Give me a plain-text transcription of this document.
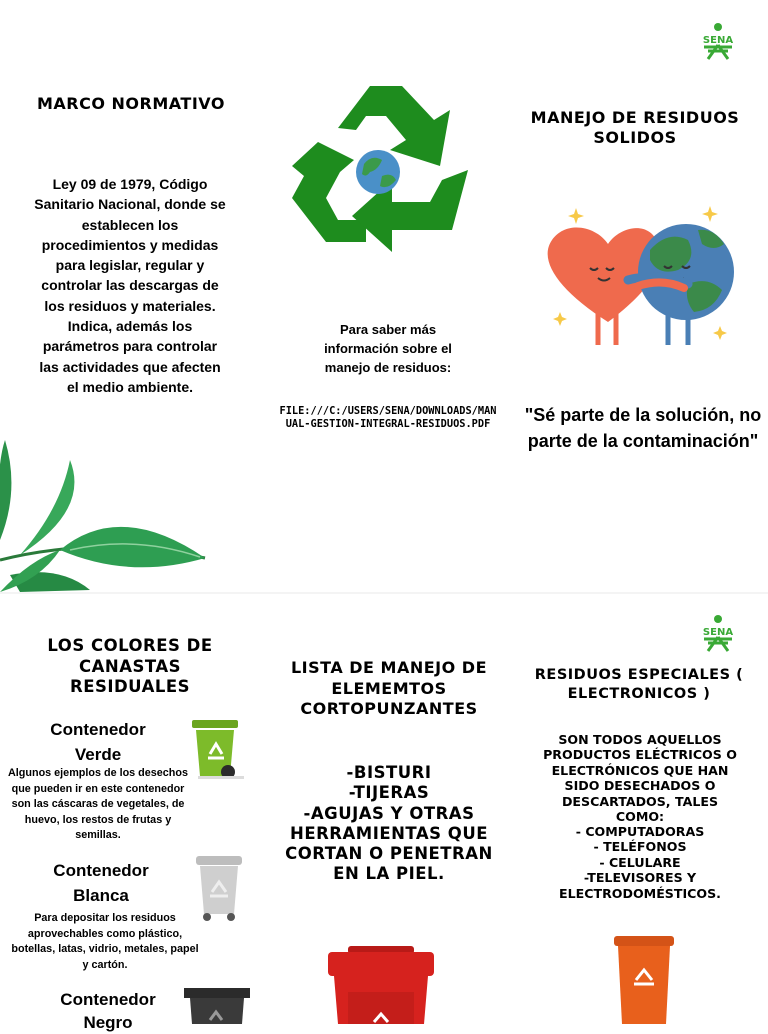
SENA
SENA
MARCO NORMATIVO
Ley 09 de 1979, Código Sanitario Nacional, donde se establecen los procedimientos y medidas para legislar, regular y controlar las descargas de los residuos y materiales. Indica, además los parámetros para controlar las actividades que afecten el medio ambiente.
Para saber más información sobre el manejo de residuos:
FILE:///C:/USERS/SENA/DOWNLOADS/MANUAL-GESTION-INTEGRAL-RESIDUOS.PDF
MANEJO DE RESIDUOS SOLIDOS
"Sé parte de la solución, no parte de la contaminación"
LOS COLORES DE CANASTAS RESIDUALES
Contenedor Verde
Algunos ejemplos de los desechos que pueden ir en este contenedor son las cáscaras de vegetales, de huevo, los restos de frutas y semillas.
Contenedor Blanca
Para depositar los residuos aprovechables como plástico, botellas, latas, vidrio, metales, papel y cartón.
Contenedor Negro
LISTA DE MANEJO DE ELEMEMTOS CORTOPUNZANTES
-BISTURI
-TIJERAS
-AGUJAS Y OTRAS HERRAMIENTAS QUE CORTAN O PENETRAN EN LA PIEL.
RESIDUOS ESPECIALES ( ELECTRONICOS )
SON TODOS AQUELLOS PRODUCTOS ELÉCTRICOS O ELECTRÓNICOS QUE HAN SIDO DESECHADOS O DESCARTADOS, TALES COMO:
- COMPUTADORAS
- TELÉFONOS
- CELULARE
-TELEVISORES Y ELECTRODOMÉSTICOS.
